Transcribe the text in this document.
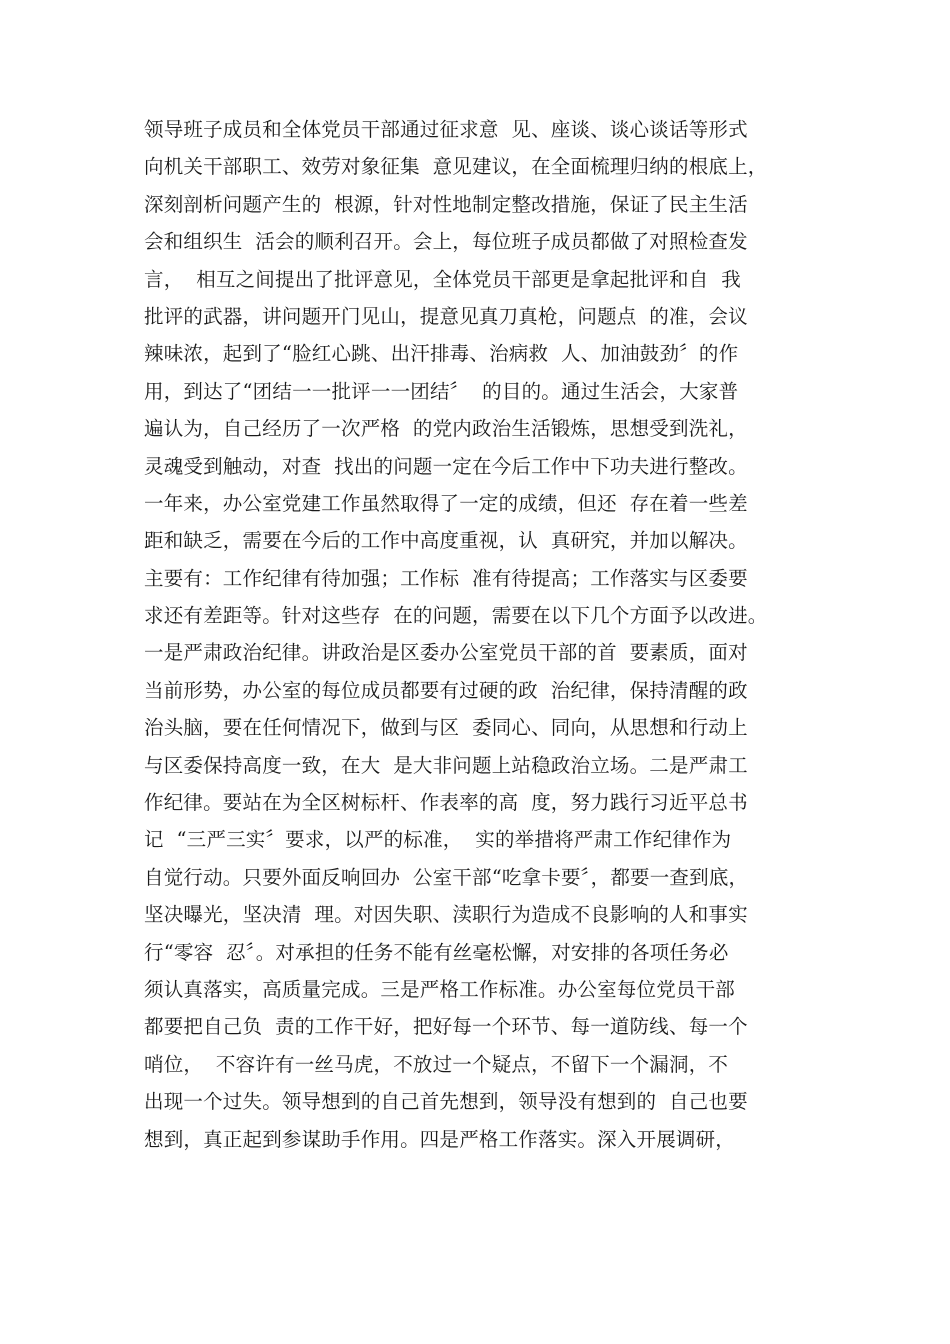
领导班子成员和全体党员干部通过征求意  见、座谈、谈心谈话等形式
向机关干部职工、效劳对象征集  意见建议，在全面梳理归纳的根底上，
深刻剖析问题产生的  根源，针对性地制定整改措施，保证了民主生活
会和组织生  活会的顺利召开。会上，每位班子成员都做了对照检查发
言，  相互之间提出了批评意见，全体党员干部更是拿起批评和自  我
批评的武器，讲问题开门见山，提意见真刀真枪，问题点  的准，会议
辣味浓，起到了“脸红心跳、出汗排毒、治病救  人、加油鼓劲〞的作
用，到达了“团结一一批评一一团结〞  的目的。通过生活会，大家普
遍认为，自己经历了一次严格  的党内政治生活锻炼，思想受到洗礼，
灵魂受到触动，对查  找出的问题一定在今后工作中下功夫进行整改。
一年来，办公室党建工作虽然取得了一定的成绩，但还  存在着一些差
距和缺乏，需要在今后的工作中高度重视，认  真研究，并加以解决。
主要有：工作纪律有待加强；工作标  准有待提高；工作落实与区委要
求还有差距等。针对这些存  在的问题，需要在以下几个方面予以改进。
一是严肃政治纪律。讲政治是区委办公室党员干部的首  要素质，面对
当前形势，办公室的每位成员都要有过硬的政  治纪律，保持清醒的政
治头脑，要在任何情况下，做到与区  委同心、同向，从思想和行动上
与区委保持高度一致，在大  是大非问题上站稳政治立场。二是严肃工
作纪律。要站在为全区树标杆、作表率的高  度，努力践行习近平总书
记  “三严三实〞要求，以严的标准，  实的举措将严肃工作纪律作为
自觉行动。只要外面反响回办  公室干部“吃拿卡要〞，都要一查到底，
坚决曝光，坚决清  理。对因失职、渎职行为造成不良影响的人和事实
行“零容  忍〞。对承担的任务不能有丝毫松懈，对安排的各项任务必
须认真落实，高质量完成。三是严格工作标准。办公室每位党员干部
都要把自己负  责的工作干好，把好每一个环节、每一道防线、每一个
哨位，  不容许有一丝马虎，不放过一个疑点，不留下一个漏洞，不
出现一个过失。领导想到的自己首先想到，领导没有想到的  自己也要
想到，真正起到参谋助手作用。四是严格工作落实。深入开展调研，
